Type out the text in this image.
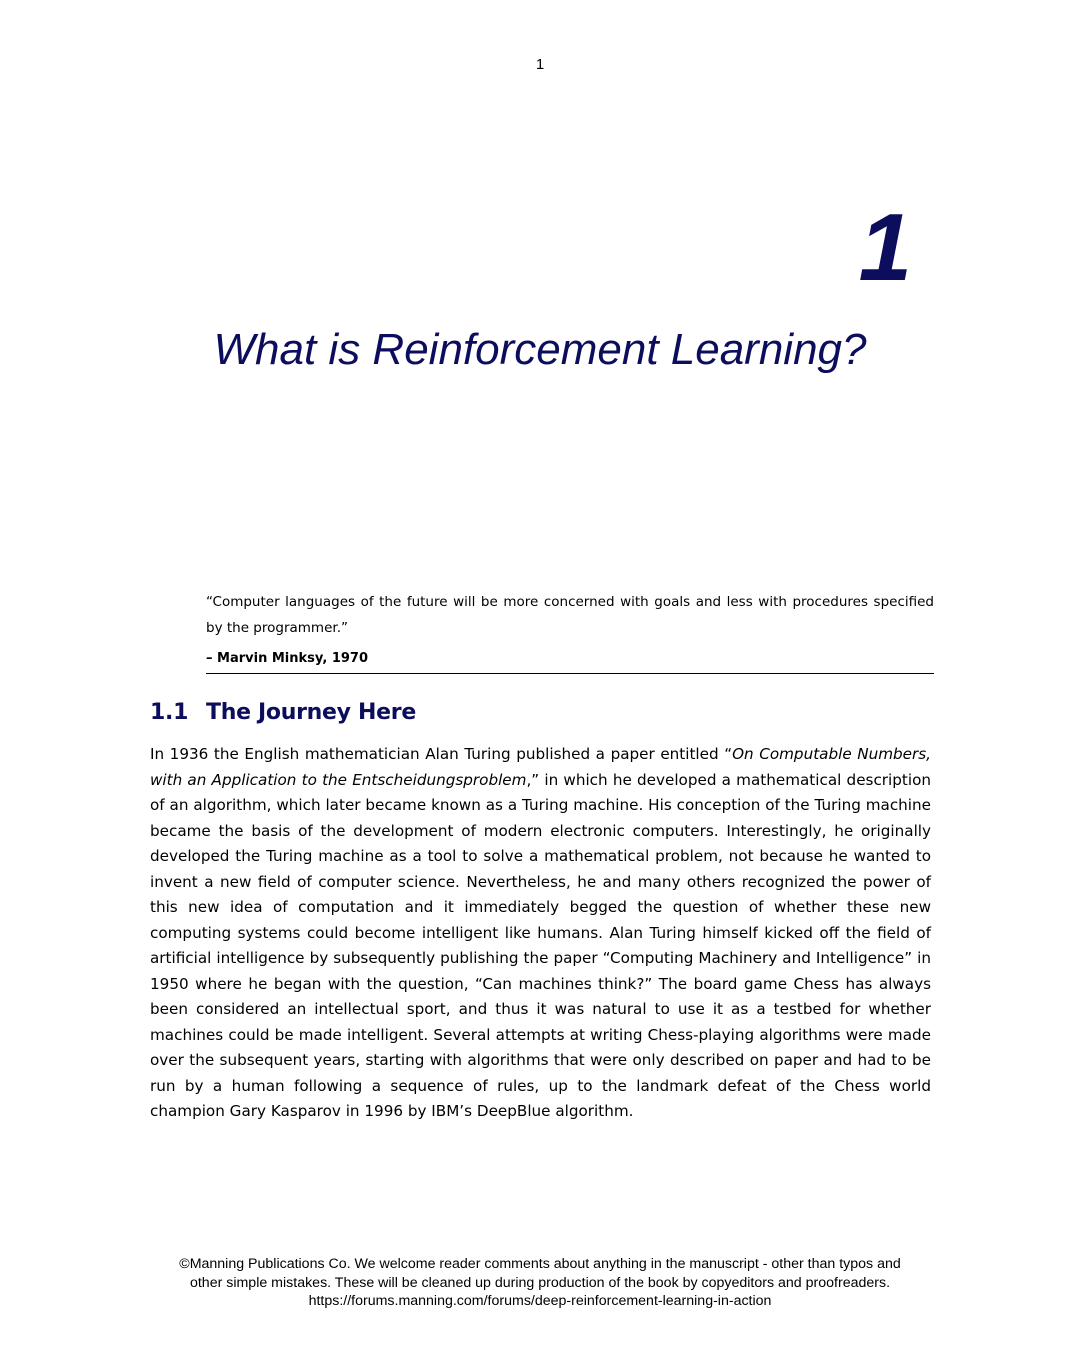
1
1
What is Reinforcement Learning?

“Computer languages of the future will be more concerned with goals and less with procedures specified by the programmer.”

– Marvin Minksy, 1970

1.1 The Journey Here

In 1936 the English mathematician Alan Turing published a paper entitled “On Computable Numbers, with an Application to the Entscheidungsproblem,” in which he developed a mathematical description of an algorithm, which later became known as a Turing machine. His conception of the Turing machine became the basis of the development of modern electronic computers. Interestingly, he originally developed the Turing machine as a tool to solve a mathematical problem, not because he wanted to invent a new field of computer science. Nevertheless, he and many others recognized the power of this new idea of computation and it immediately begged the question of whether these new computing systems could become intelligent like humans. Alan Turing himself kicked off the field of artificial intelligence by subsequently publishing the paper “Computing Machinery and Intelligence” in 1950 where he began with the question, “Can machines think?” The board game Chess has always been considered an intellectual sport, and thus it was natural to use it as a testbed for whether machines could be made intelligent. Several attempts at writing Chess-playing algorithms were made over the subsequent years, starting with algorithms that were only described on paper and had to be run by a human following a sequence of rules, up to the landmark defeat of the Chess world champion Gary Kasparov in 1996 by IBM’s DeepBlue algorithm.

©Manning Publications Co. We welcome reader comments about anything in the manuscript - other than typos and
other simple mistakes. These will be cleaned up during production of the book by copyeditors and proofreaders.
https://forums.manning.com/forums/deep-reinforcement-learning-in-action
